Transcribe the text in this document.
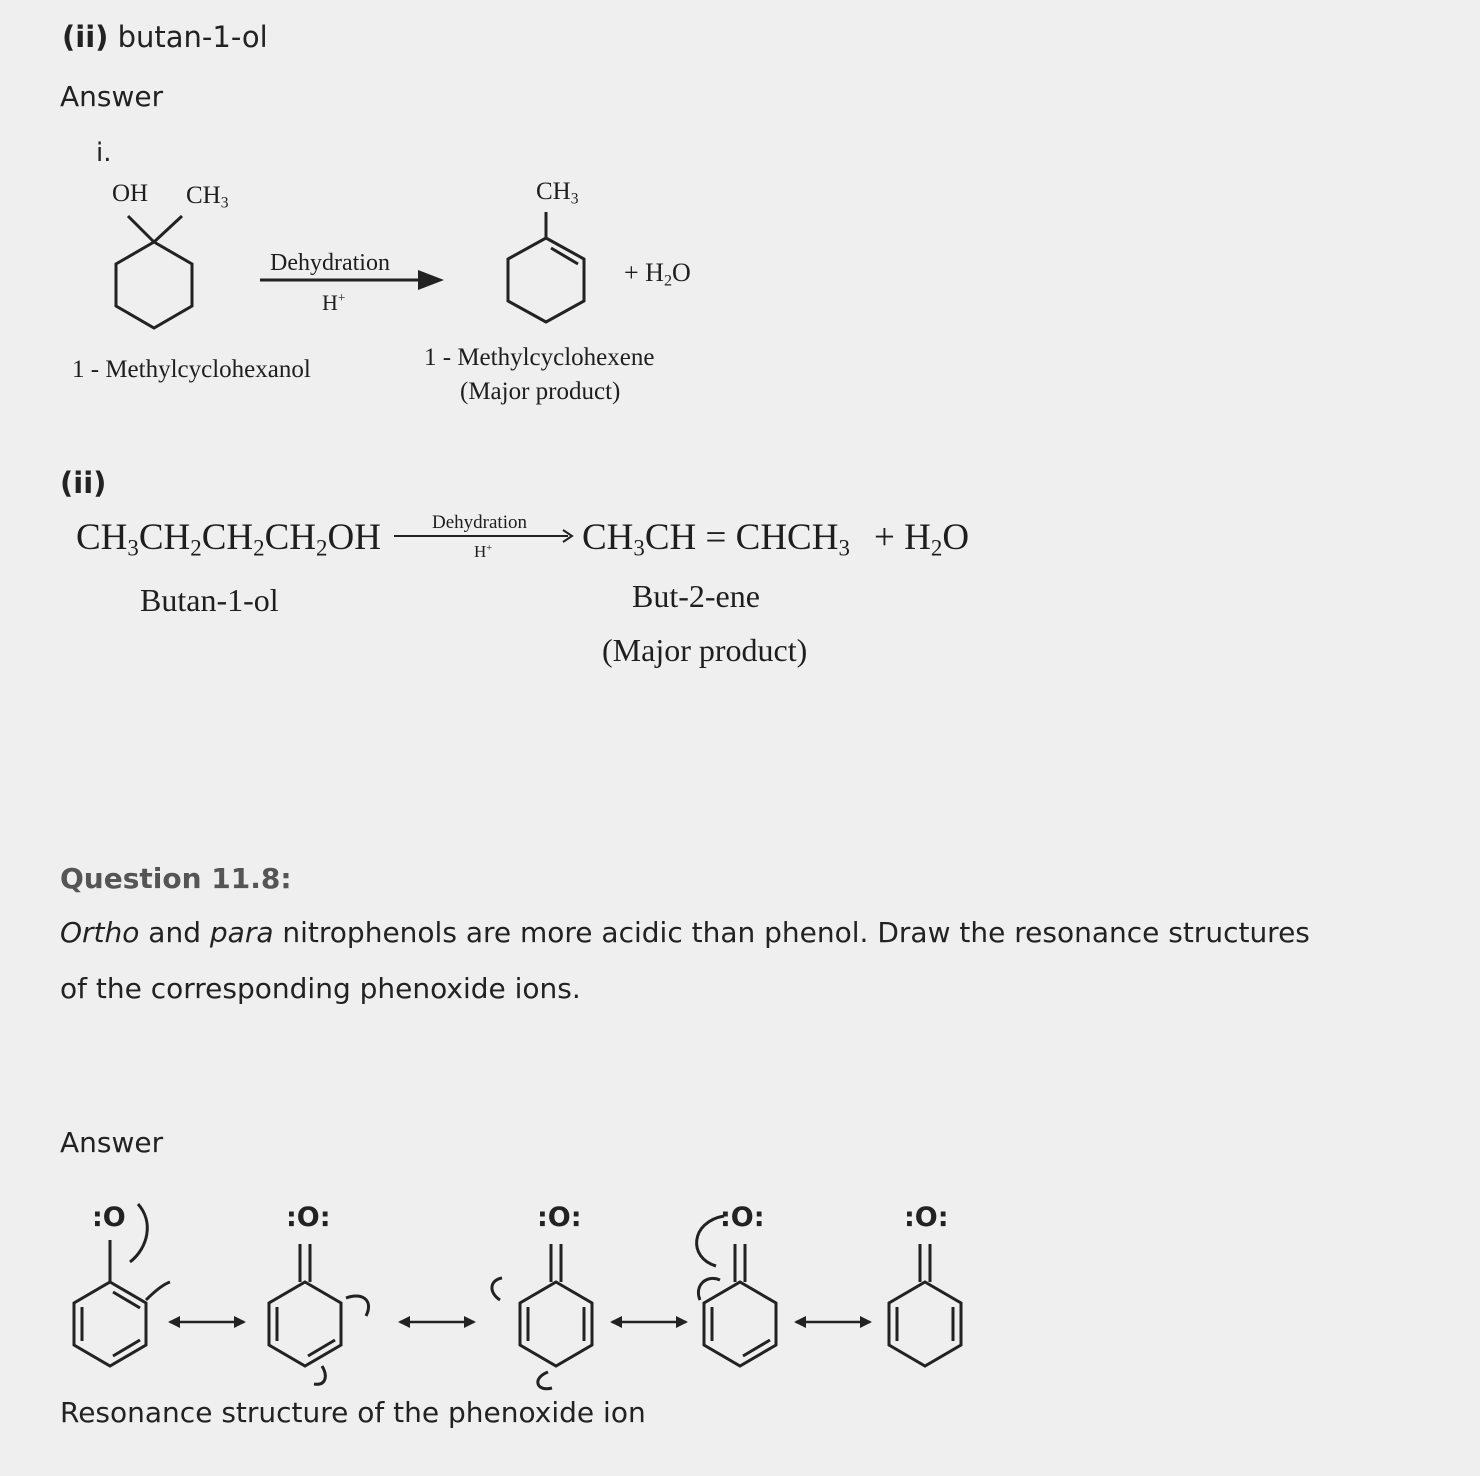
(ii) butan-1-ol
Answer
i.
OH $CH_3$
Dehydration
H+
$CH_3$
+ $H_2O$
1 - Methylcyclohexanol	1 - Methylcyclohexene
(Major product)
(ii)
$CH_3CH_2CH_2CH_2OH$	Dehydration
H+ $CH_3CH$ = $CHCH_3 + H_2O$
Butan-1-ol	But-2-ene
(Major product)
Question 11.8:
Ortho and para nitrophenols are more acidic than phenol. Draw the resonance structures
of the corresponding phenoxide ions.
Answer
:O	:O:	:O:	:O:	:O:
Resonance structure of the phenoxide ion
